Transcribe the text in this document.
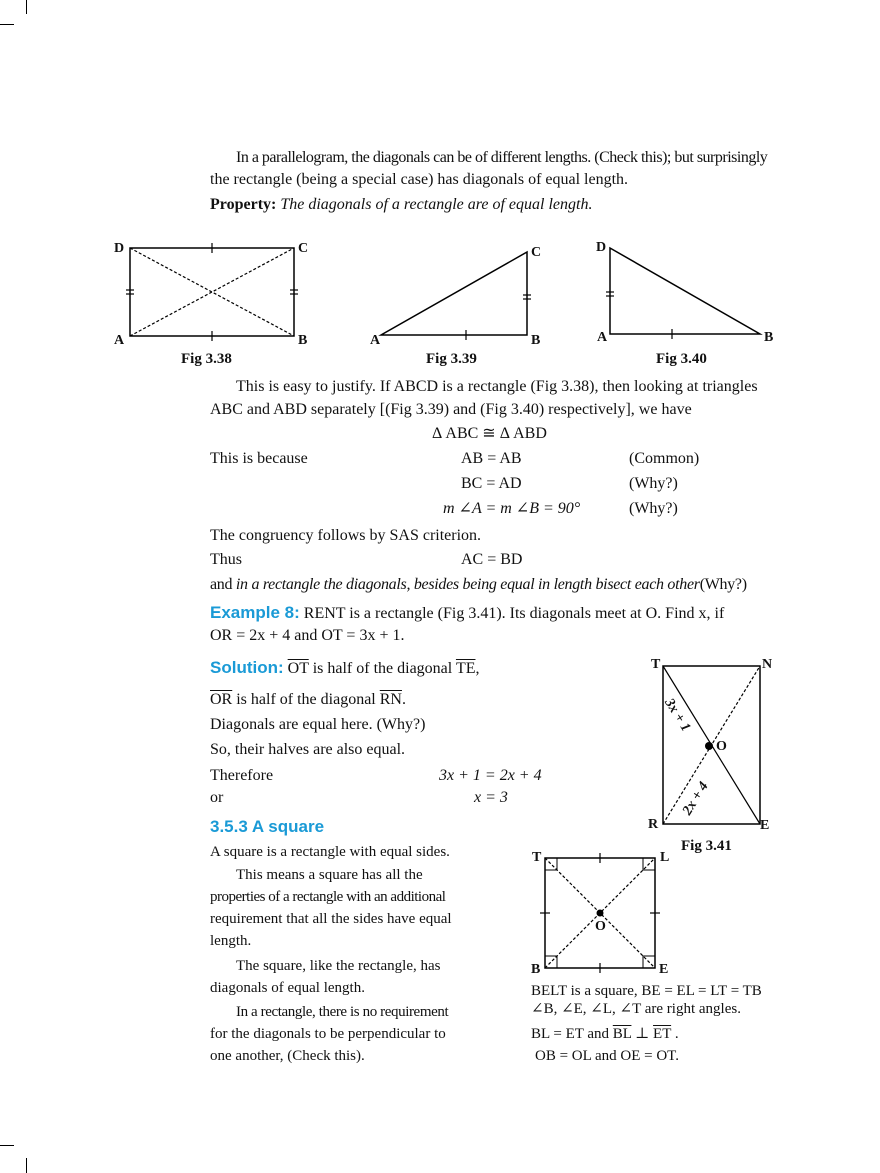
In a parallelogram, the diagonals can be of different lengths. (Check this); but surprisingly
the rectangle (being a special case) has diagonals of equal length.
Property: The diagonals of a rectangle are of equal length.
D	C
A	B
Fig 3.38
C
A	B
Fig 3.39
D
A	B
Fig 3.40
This is easy to justify. If ABCD is a rectangle (Fig 3.38), then looking at triangles
ABC and ABD separately [(Fig 3.39) and (Fig 3.40) respectively], we have
Δ ABC ≅ Δ ABD
This is because	AB = AB	(Common)
BC = AD	(Why?)
m ∠A = m ∠B = 90°	(Why?)
The congruency follows by SAS criterion.
Thus	AC = BD
and in a rectangle the diagonals, besides being equal in length bisect each other(Why?)
Example 8: RENT is a rectangle (Fig 3.41). Its diagonals meet at O. Find x, if
OR = 2x + 4 and OT = 3x + 1.
Solution: $\overline{OT}$ is half of the diagonal $\overline{TE}$,
$\overline{OR}$ is half of the diagonal $\overline{RN}$.
Diagonals are equal here. (Why?)
So, their halves are also equal.
Therefore	3x + 1 = 2x + 4
or	x = 3
T	N
O
R	E
3x + 1
2x + 4
Fig 3.41
3.5.3 A square
A square is a rectangle with equal sides.
This means a square has all the
properties of a rectangle with an additional
requirement that all the sides have equal
length.
The square, like the rectangle, has
diagonals of equal length.
In a rectangle, there is no requirement
for the diagonals to be perpendicular to
one another, (Check this).
T	L
O
B	E
BELT is a square, BE = EL = LT = TB
∠B, ∠E, ∠L, ∠T are right angles.
BL = ET and $\overline{BL}$ ⊥ $\overline{ET}$ .
OB = OL and OE = OT.
